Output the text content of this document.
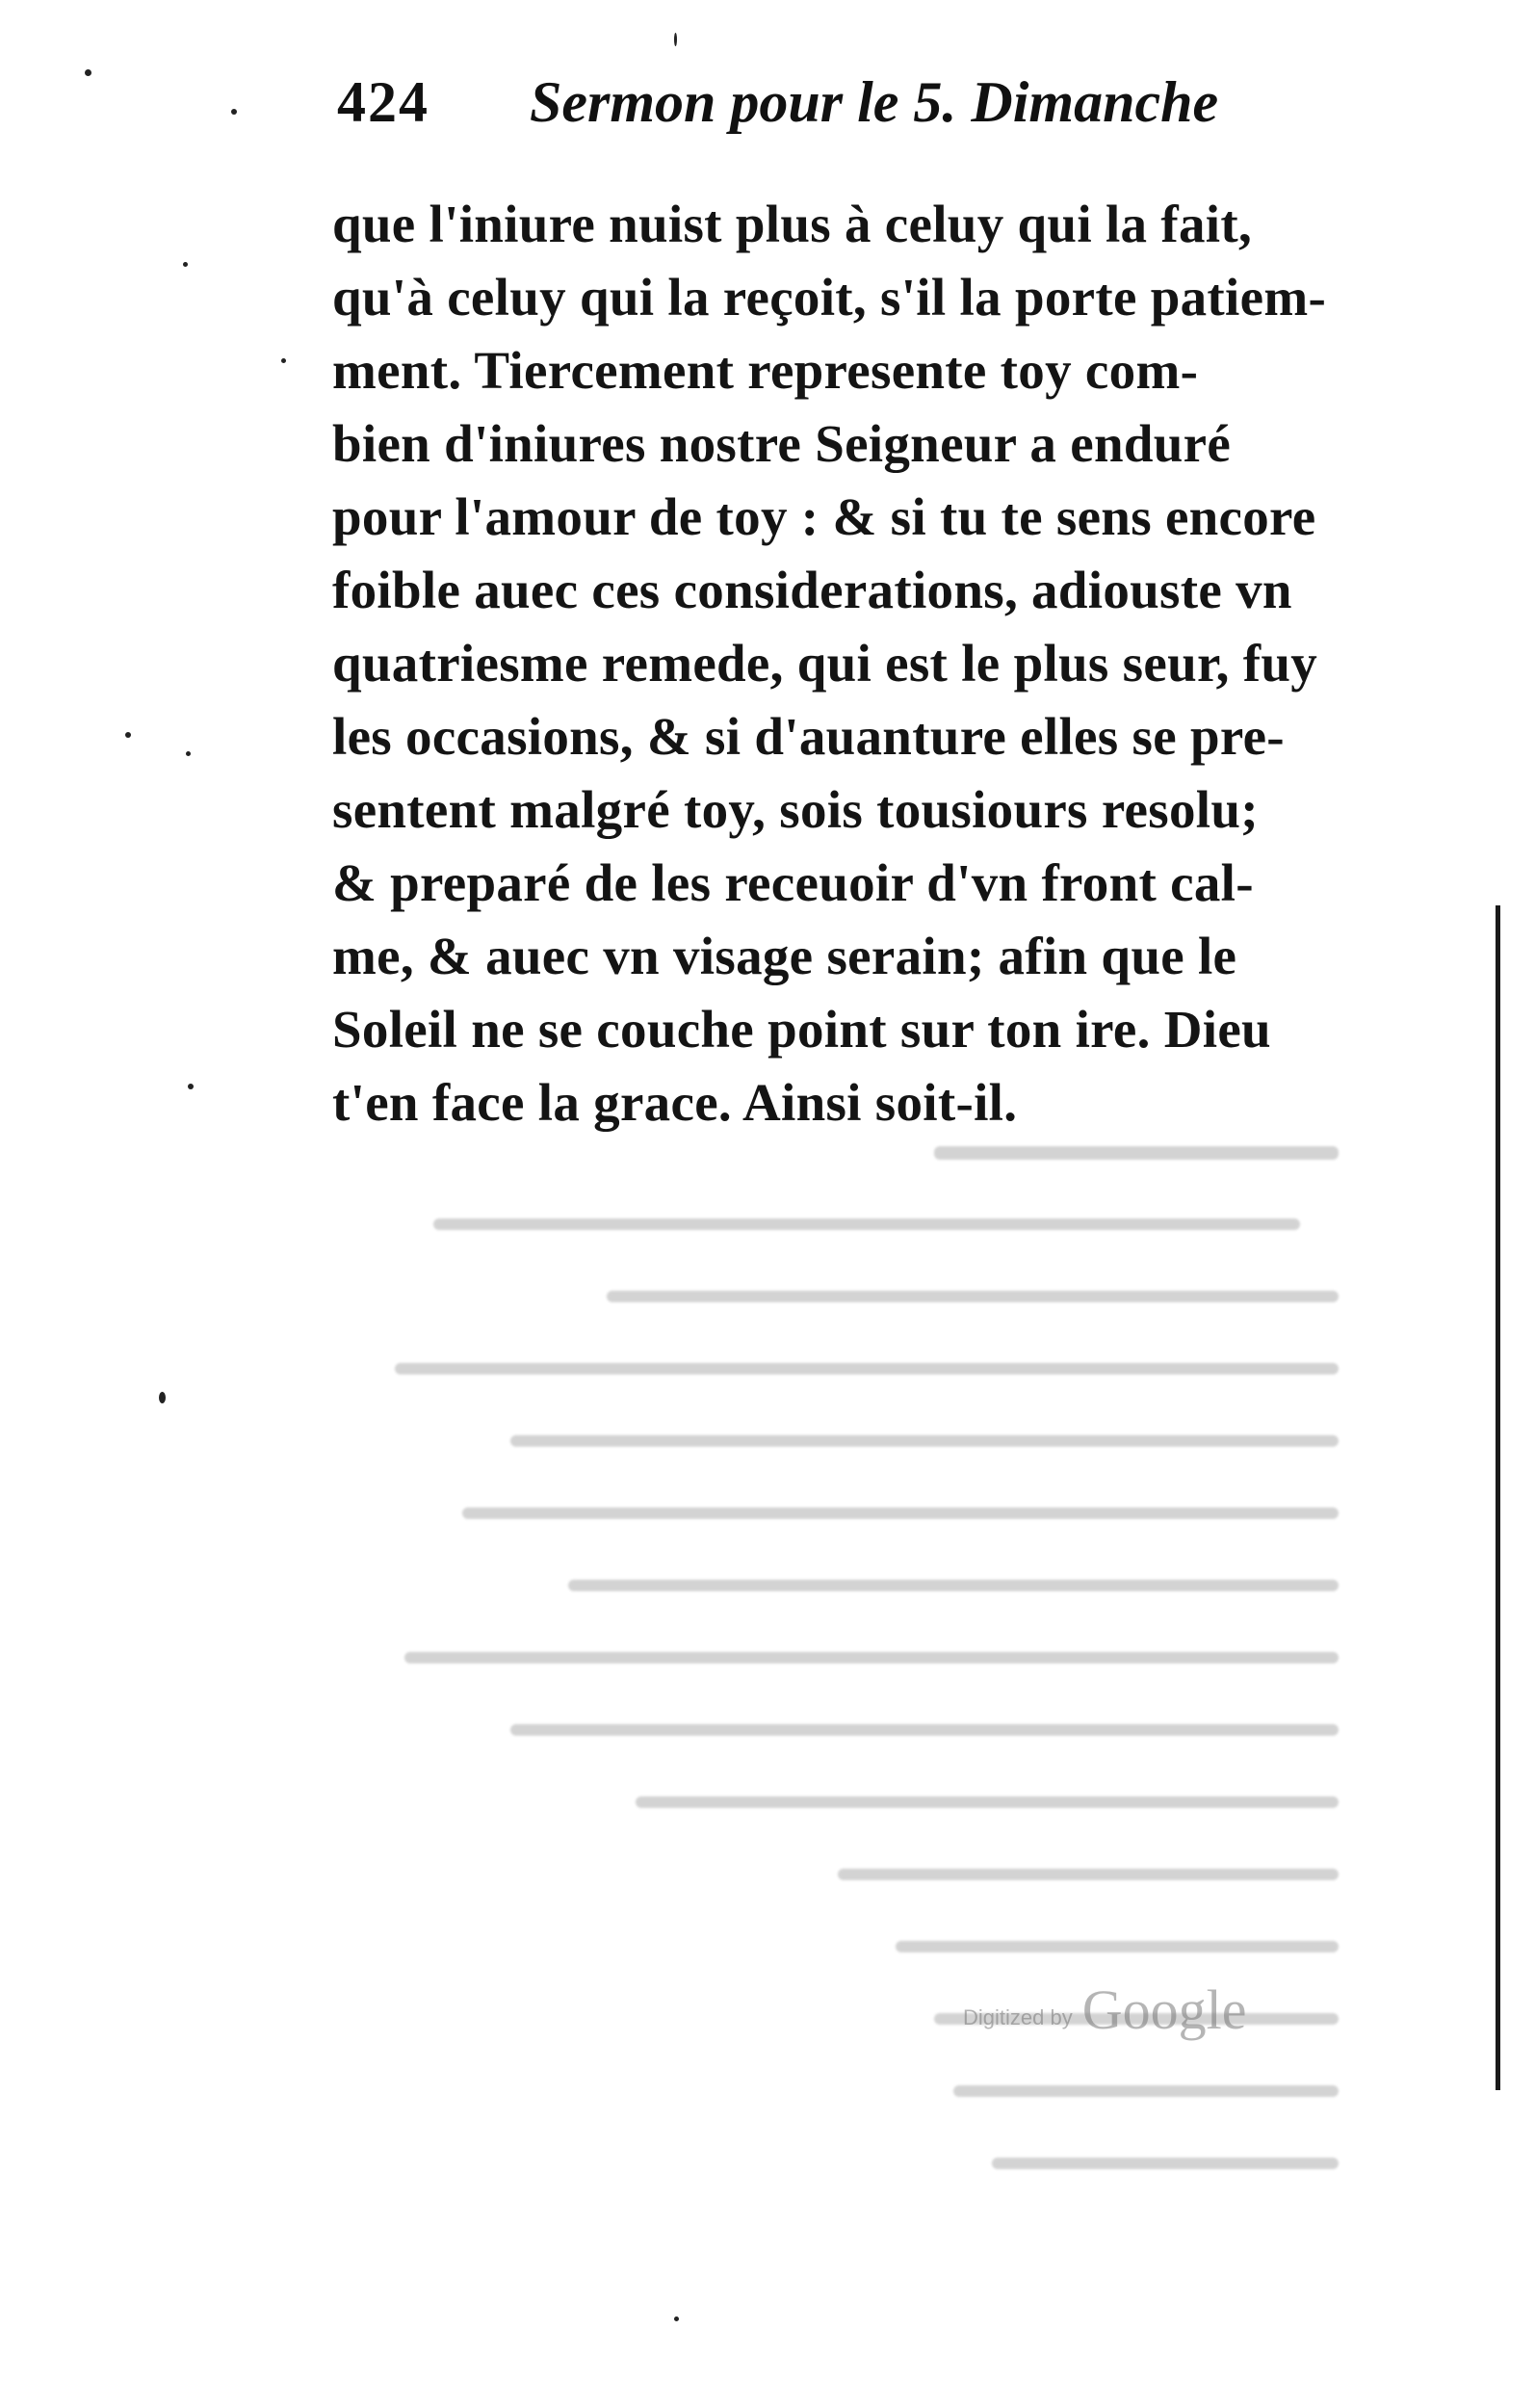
424 Sermon pour le 5. Dimanche
que l'iniure nuist plus à celuy qui la fait,
qu'à celuy qui la reçoit, s'il la porte patiem-
ment. Tiercement represente toy com-
bien d'iniures nostre Seigneur a enduré
pour l'amour de toy : & si tu te sens encore
foible auec ces considerations, adiouste vn
quatriesme remede, qui est le plus seur, fuy
les occasions, & si d'auanture elles se pre-
sentent malgré toy, sois tousiours resolu;
& preparé de les receuoir d'vn front cal-
me, & auec vn visage serain; afin que le
Soleil ne se couche point sur ton ire. Dieu
t'en face la grace. Ainsi soit-il.
Digitized by Google
